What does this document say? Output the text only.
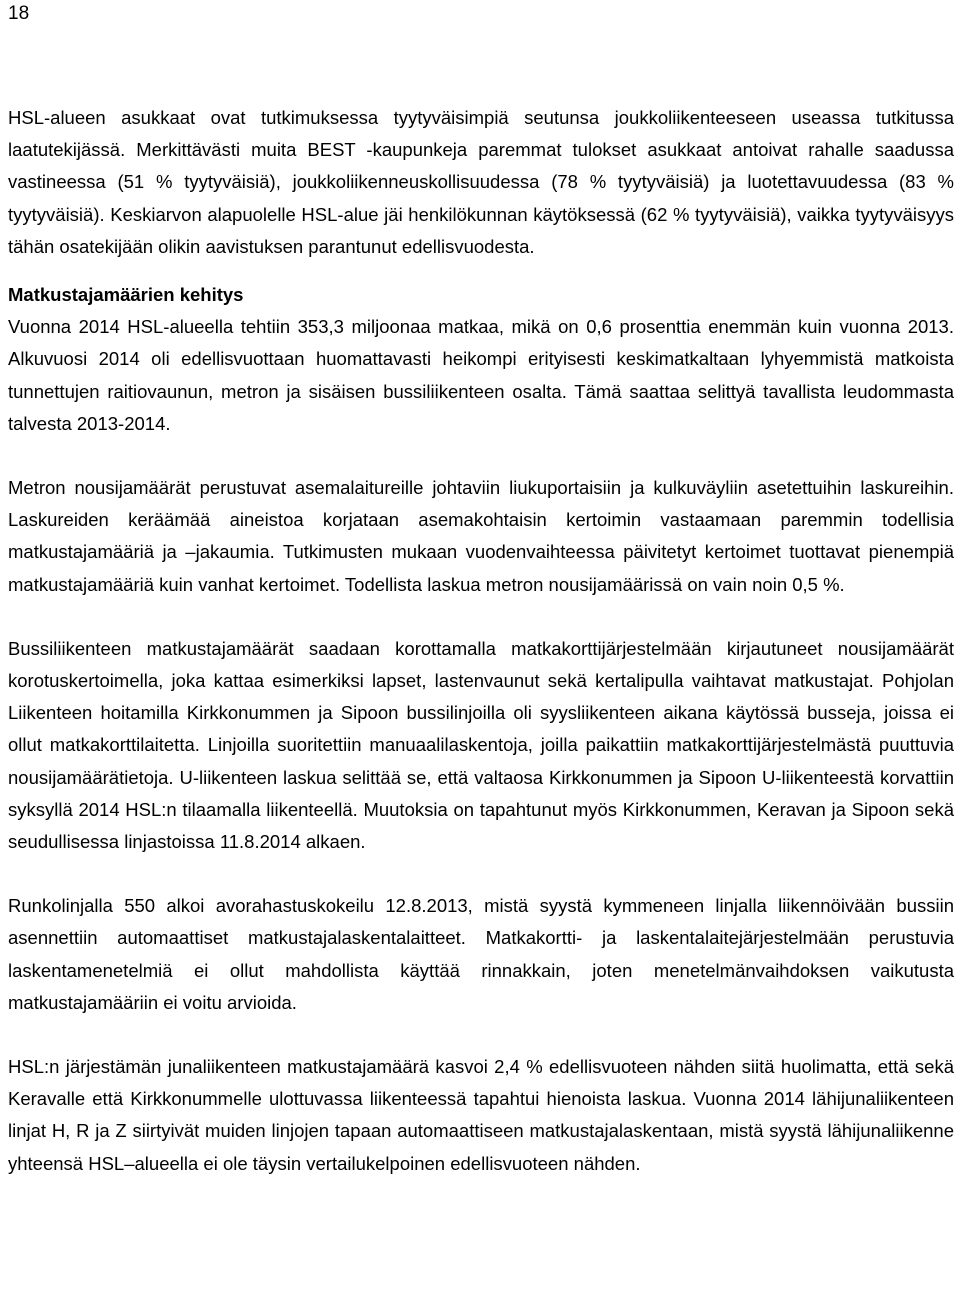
18

HSL-alueen asukkaat ovat tutkimuksessa tyytyväisimpiä seutunsa joukkoliikenteeseen useassa tutkitussa laatutekijässä. Merkittävästi muita BEST -kaupunkeja paremmat tulokset asukkaat antoivat rahalle saadussa vastineessa (51 % tyytyväisiä), joukkoliikenneuskollisuudessa (78 % tyytyväisiä) ja luotettavuudessa (83 % tyytyväisiä). Keskiarvon alapuolelle HSL-alue jäi henkilökunnan käytöksessä (62 % tyytyväisiä), vaikka tyytyväisyys tähän osatekijään olikin aavistuksen parantunut edellisvuodesta.

Matkustajamäärien kehitys

Vuonna 2014 HSL-alueella tehtiin 353,3 miljoonaa matkaa, mikä on 0,6 prosenttia enemmän kuin vuonna 2013. Alkuvuosi 2014 oli edellisvuottaan huomattavasti heikompi erityisesti keskimatkaltaan lyhyemmistä matkoista tunnettujen raitiovaunun, metron ja sisäisen bussiliikenteen osalta. Tämä saattaa selittyä tavallista leudommasta talvesta 2013-2014.

Metron nousijamäärät perustuvat asemalaitureille johtaviin liukuportaisiin ja kulkuväyliin asetettuihin laskureihin. Laskureiden keräämää aineistoa korjataan asemakohtaisin kertoimin vastaamaan paremmin todellisia matkustajamääriä ja –jakaumia. Tutkimusten mukaan vuodenvaihteessa päivitetyt kertoimet tuottavat pienempiä matkustajamääriä kuin vanhat kertoimet. Todellista laskua metron nousijamäärissä on vain noin 0,5 %.

Bussiliikenteen matkustajamäärät saadaan korottamalla matkakorttijärjestelmään kirjautuneet nousijamäärät korotuskertoimella, joka kattaa esimerkiksi lapset, lastenvaunut sekä kertalipulla vaihtavat matkustajat. Pohjolan Liikenteen hoitamilla Kirkkonummen ja Sipoon bussilinjoilla oli syysliikenteen aikana käytössä busseja, joissa ei ollut matkakorttilaitetta. Linjoilla suoritettiin manuaalilaskentoja, joilla paikattiin matkakorttijärjestelmästä puuttuvia nousijamäärätietoja. U-liikenteen laskua selittää se, että valtaosa Kirkkonummen ja Sipoon U-liikenteestä korvattiin syksyllä 2014 HSL:n tilaamalla liikenteellä. Muutoksia on tapahtunut myös Kirkkonummen, Keravan ja Sipoon sekä seudullisessa linjastoissa 11.8.2014 alkaen.

Runkolinjalla 550 alkoi avorahastuskokeilu 12.8.2013, mistä syystä kymmeneen linjalla liikennöivään bussiin asennettiin automaattiset matkustajalaskentalaitteet. Matkakortti- ja laskentalaitejärjestelmään perustuvia laskentamenetelmiä ei ollut mahdollista käyttää rinnakkain, joten menetelmänvaihdoksen vaikutusta matkustajamääriin ei voitu arvioida.

HSL:n järjestämän junaliikenteen matkustajamäärä kasvoi 2,4 % edellisvuoteen nähden siitä huolimatta, että sekä Keravalle että Kirkkonummelle ulottuvassa liikenteessä tapahtui hienoista laskua. Vuonna 2014 lähijunaliikenteen linjat H, R ja Z siirtyivät muiden linjojen tapaan automaattiseen matkustajalaskentaan, mistä syystä lähijunaliikenne yhteensä HSL–alueella ei ole täysin vertailukelpoinen edellisvuoteen nähden.
